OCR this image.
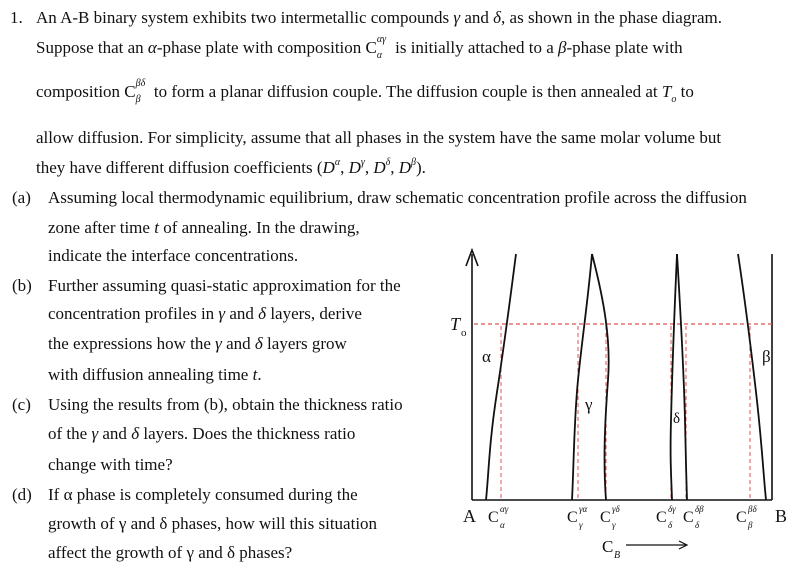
1. An A-B binary system exhibits two intermetallic compounds γ and δ, as shown in the phase diagram.
Suppose that an α-phase plate with composition C αγ
α is initially attached to a β-phase plate with
composition C βδ
β to form a planar diffusion couple. The diffusion couple is then annealed at $T_o$ to
allow diffusion. For simplicity, assume that all phases in the system have the same molar volume but
they have different diffusion coefficients ($D^\alpha$, $D^\gamma$, $D^\delta$, $D^\beta$).
(a) Assuming local thermodynamic equilibrium, draw schematic concentration profile across the diffusion
zone after time t of annealing. In the drawing,
indicate the interface concentrations.
(b) Further assuming quasi-static approximation for the
concentration profiles in γ and δ layers, derive
the expressions how the γ and δ layers grow
with diffusion annealing time t.
(c) Using the results from (b), obtain the thickness ratio
of the γ and δ layers. Does the thickness ratio
change with time?
(d) If α phase is completely consumed during the
growth of γ and δ phases, how will this situation
affect the growth of γ and δ phases?
T o
α
γ
δ
β
A	B
C αγ
α	C γα
γ C γδ
γ	C δγ
δ C δβ
δ C βδ
β
C B
